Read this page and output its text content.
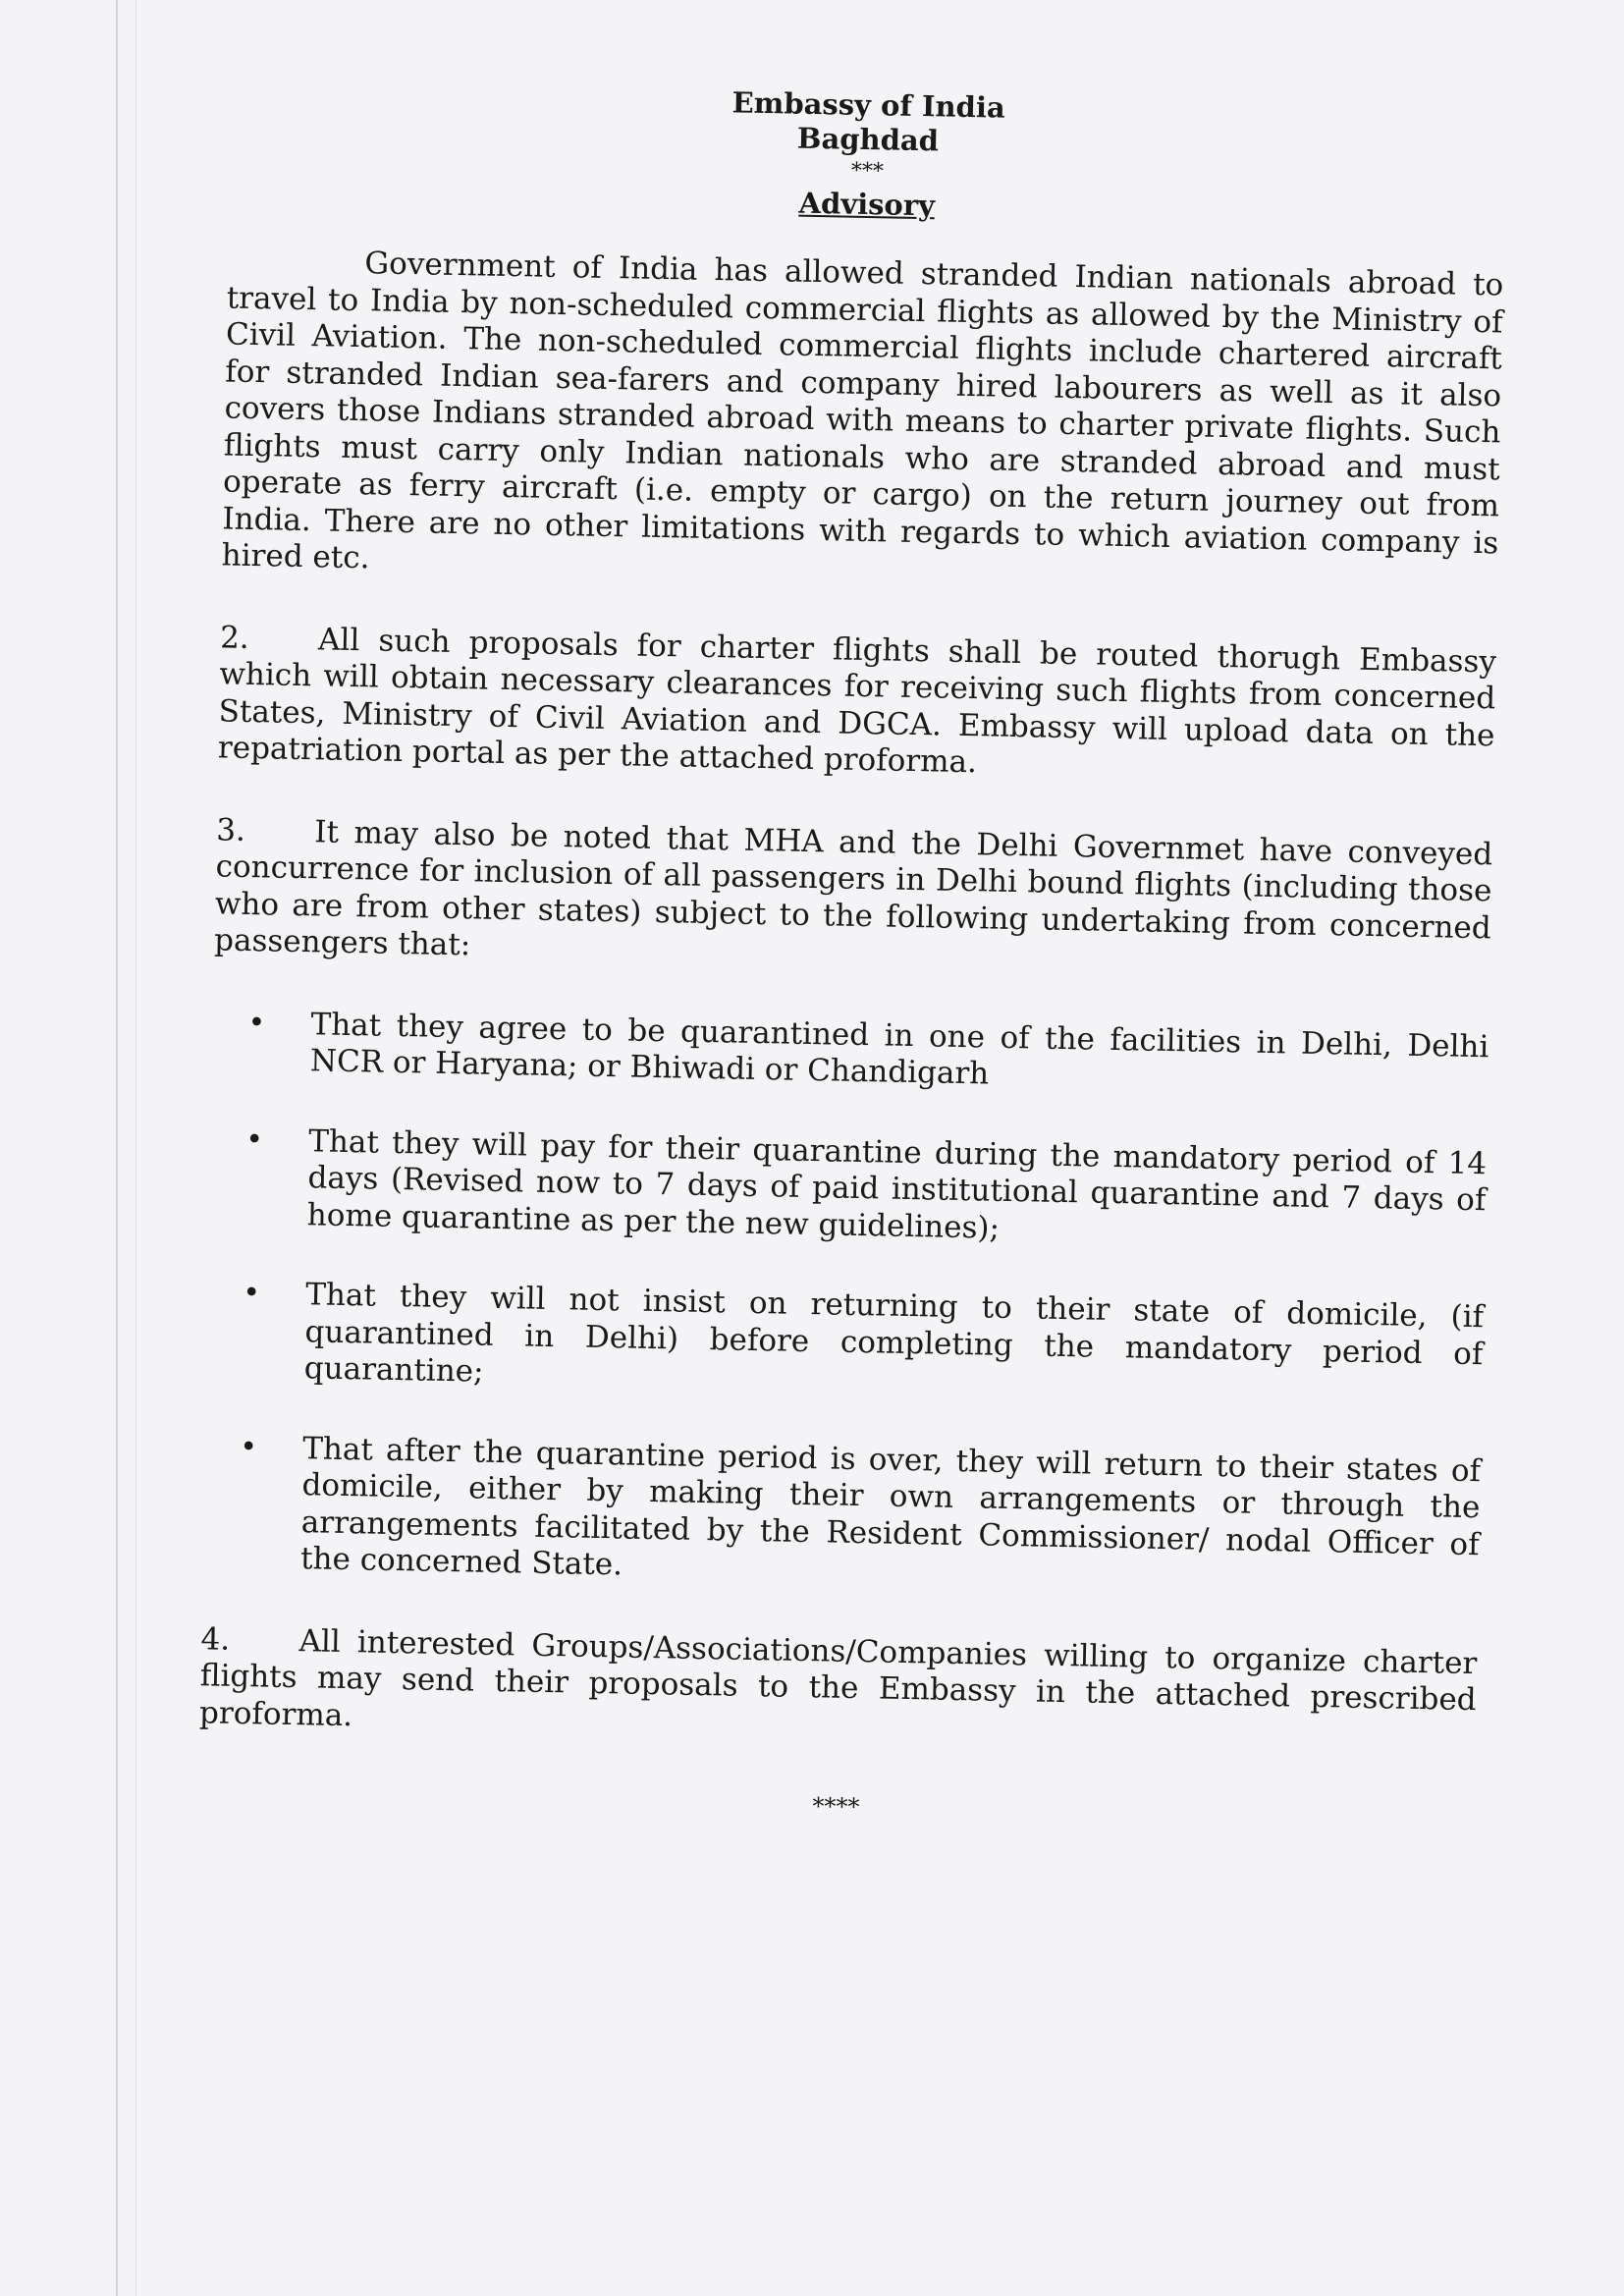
Embassy of India
Baghdad
***
Advisory

Government of India has allowed stranded Indian nationals abroad to travel to India by non-scheduled commercial flights as allowed by the Ministry of Civil Aviation. The non-scheduled commercial flights include chartered aircraft for stranded Indian sea-farers and company hired labourers as well as it also covers those Indians stranded abroad with means to charter private flights. Such flights must carry only Indian nationals who are stranded abroad and must operate as ferry aircraft (i.e. empty or cargo) on the return journey out from India. There are no other limitations with regards to which aviation company is hired etc.

2. All such proposals for charter flights shall be routed thorugh Embassy which will obtain necessary clearances for receiving such flights from concerned States, Ministry of Civil Aviation and DGCA. Embassy will upload data on the repatriation portal as per the attached proforma.

3. It may also be noted that MHA and the Delhi Governmet have conveyed concurrence for inclusion of all passengers in Delhi bound flights (including those who are from other states) subject to the following undertaking from concerned passengers that:

• That they agree to be quarantined in one of the facilities in Delhi, Delhi NCR or Haryana; or Bhiwadi or Chandigarh
• That they will pay for their quarantine during the mandatory period of 14 days (Revised now to 7 days of paid institutional quarantine and 7 days of home quarantine as per the new guidelines);
• That they will not insist on returning to their state of domicile, (if quarantined in Delhi) before completing the mandatory period of quarantine;
• That after the quarantine period is over, they will return to their states of domicile, either by making their own arrangements or through the arrangements facilitated by the Resident Commissioner/ nodal Officer of the concerned State.

4. All interested Groups/Associations/Companies willing to organize charter flights may send their proposals to the Embassy in the attached prescribed proforma.

****
